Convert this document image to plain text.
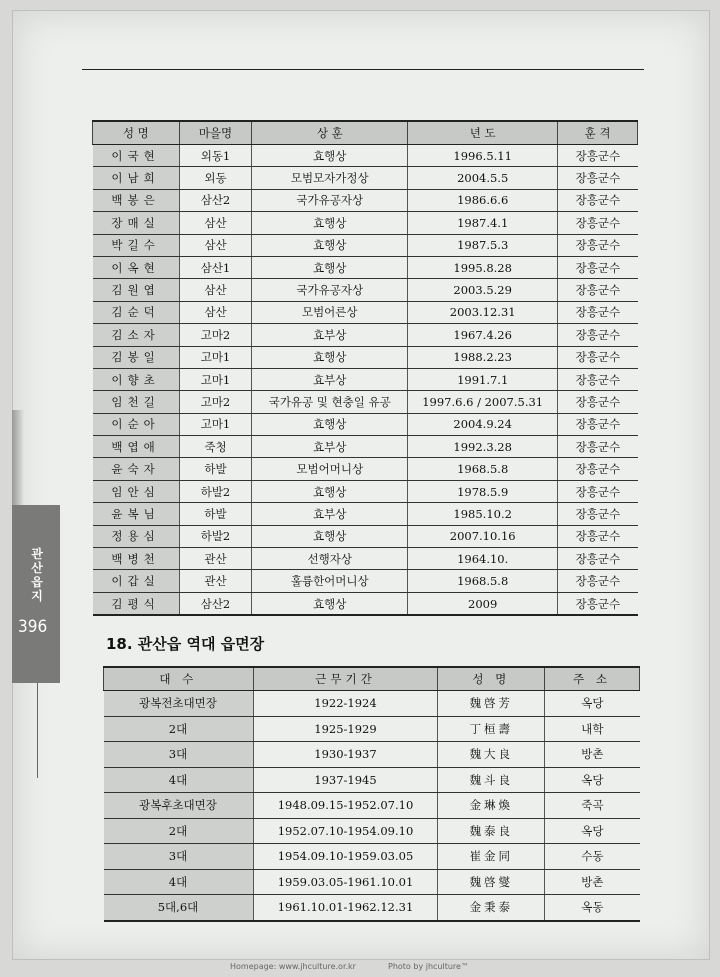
성 명	마을명	상 훈	년 도	훈 격
이국현	외동1	효행상	1996.5.11	장흥군수
이남희	외동	모범모자가정상	2004.5.5	장흥군수
백봉은	삼산2	국가유공자상	1986.6.6	장흥군수
장매실	삼산	효행상	1987.4.1	장흥군수
박길수	삼산	효행상	1987.5.3	장흥군수
이옥현	삼산1	효행상	1995.8.28	장흥군수
김원엽	삼산	국가유공자상	2003.5.29	장흥군수
김순덕	삼산	모범어른상	2003.12.31	장흥군수
김소자	고마2	효부상	1967.4.26	장흥군수
김봉일	고마1	효행상	1988.2.23	장흥군수
이향초	고마1	효부상	1991.7.1	장흥군수
임천길	고마2	국가유공 및 현충일 유공	1997.6.6 / 2007.5.31	장흥군수
이순아	고마1	효행상	2004.9.24	장흥군수
백엽애	죽청	효부상	1992.3.28	장흥군수
윤숙자	하발	모범어머니상	1968.5.8	장흥군수
임안심	하발2	효행상	1978.5.9	장흥군수
윤복님	하발	효부상	1985.10.2	장흥군수
정용심	하발2	효행상	2007.10.16	장흥군수
백병천	관산	선행자상	1964.10.	장흥군수
이갑실	관산	훌륭한어머니상	1968.5.8	장흥군수
김평식	삼산2	효행상	2009	장흥군수
18. 관산읍 역대 읍면장
대 수	근무기간	성 명	주 소
광복전초대면장	1922-1924	魏啓芳	옥당
2대	1925-1929	丁桓壽	내학
3대	1930-1937	魏大良	방촌
4대	1937-1945	魏斗良	옥당
광복후초대면장	1948.09.15-1952.07.10	金琳煥	죽곡
2대	1952.07.10-1954.09.10	魏泰良	옥당
3대	1954.09.10-1959.03.05	崔金同	수동
4대	1959.03.05-1961.10.01	魏啓燮	방촌
5대,6대	1961.10.01-1962.12.31	金秉泰	옥동
관산읍지
396
Homepage: www.jhculture.or.kr	Photo by jhculture™
